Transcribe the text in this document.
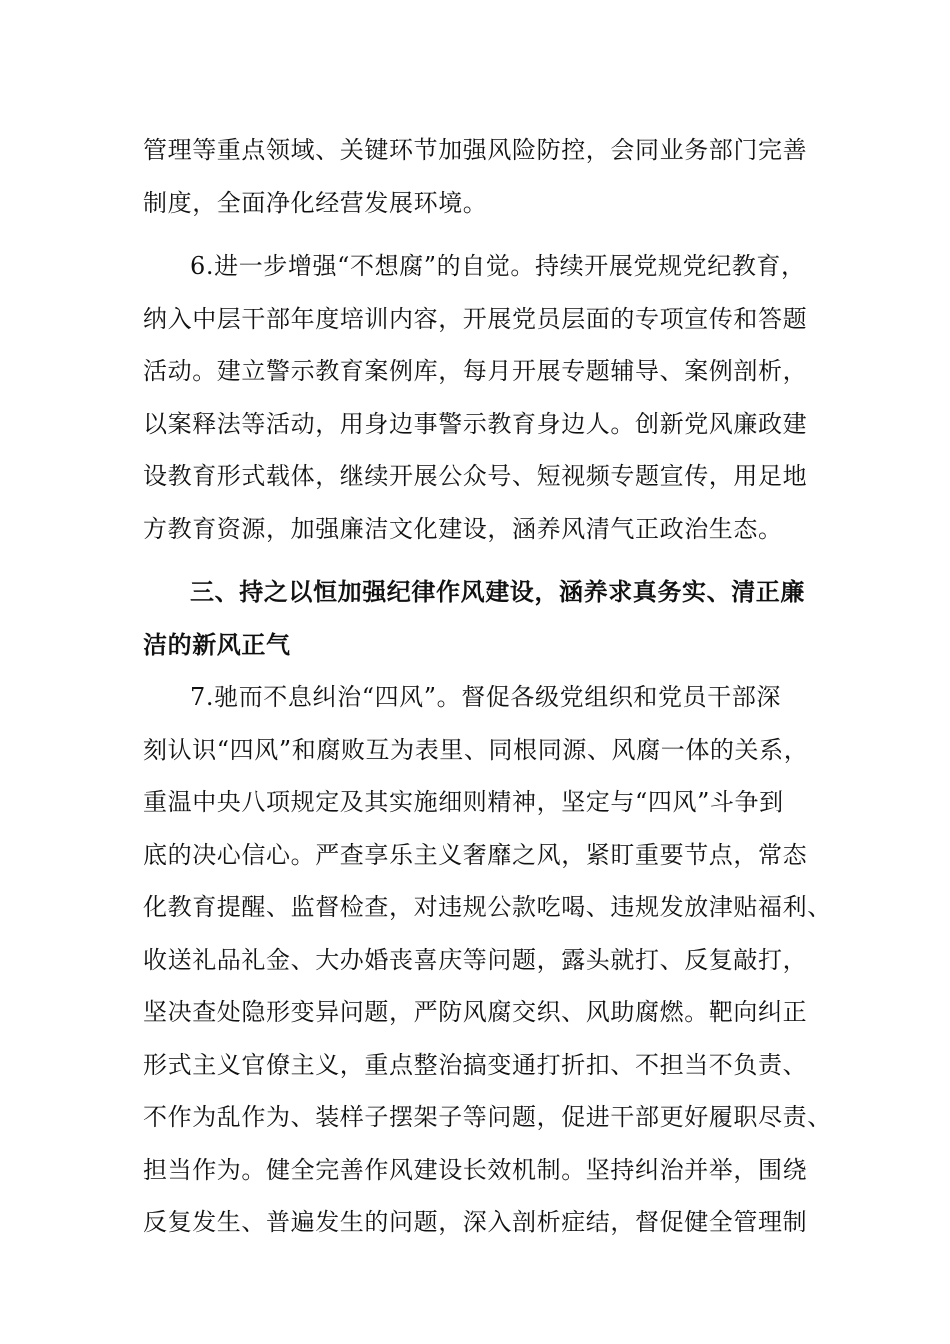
管理等重点领域、关键环节加强风险防控，会同业务部门完善
制度，全面净化经营发展环境。
6.进一步增强“不想腐”的自觉。持续开展党规党纪教育，
纳入中层干部年度培训内容，开展党员层面的专项宣传和答题
活动。建立警示教育案例库，每月开展专题辅导、案例剖析，
以案释法等活动，用身边事警示教育身边人。创新党风廉政建
设教育形式载体，继续开展公众号、短视频专题宣传，用足地
方教育资源，加强廉洁文化建设，涵养风清气正政治生态。
三、持之以恒加强纪律作风建设，涵养求真务实、清正廉
洁的新风正气
7.驰而不息纠治“四风”。督促各级党组织和党员干部深
刻认识“四风”和腐败互为表里、同根同源、风腐一体的关系，
重温中央八项规定及其实施细则精神，坚定与“四风”斗争到
底的决心信心。严查享乐主义奢靡之风，紧盯重要节点，常态
化教育提醒、监督检查，对违规公款吃喝、违规发放津贴福利、
收送礼品礼金、大办婚丧喜庆等问题，露头就打、反复敲打，
坚决查处隐形变异问题，严防风腐交织、风助腐燃。靶向纠正
形式主义官僚主义，重点整治搞变通打折扣、不担当不负责、
不作为乱作为、装样子摆架子等问题，促进干部更好履职尽责、
担当作为。健全完善作风建设长效机制。坚持纠治并举，围绕
反复发生、普遍发生的问题，深入剖析症结，督促健全管理制
